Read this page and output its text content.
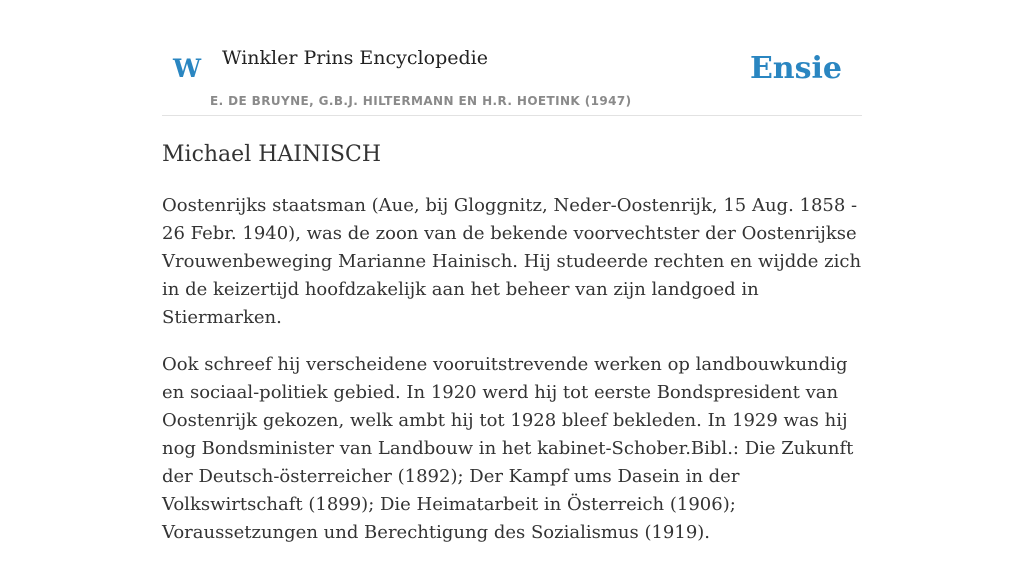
W Winkler Prins Encyclopedie
E. DE BRUYNE, G.B.J. HILTERMANN EN H.R. HOETINK (1947)
Ensie
Michael HAINISCH

Oostenrijks staatsman (Aue, bij Gloggnitz, Neder-Oostenrijk, 15 Aug. 1858 - 26 Febr. 1940), was de zoon van de bekende voorvechtster der Oostenrijkse Vrouwenbeweging Marianne Hainisch. Hij studeerde rechten en wijdde zich in de keizertijd hoofdzakelijk aan het beheer van zijn landgoed in Stiermarken.

Ook schreef hij verscheidene vooruitstrevende werken op landbouwkundig en sociaal-politiek gebied. In 1920 werd hij tot eerste Bondspresident van Oostenrijk gekozen, welk ambt hij tot 1928 bleef bekleden. In 1929 was hij nog Bondsminister van Landbouw in het kabinet-Schober.Bibl.: Die Zukunft der Deutsch-österreicher (1892); Der Kampf ums Dasein in der Volkswirtschaft (1899); Die Heimatarbeit in Österreich (1906); Voraussetzungen und Berechtigung des Sozialismus (1919).
